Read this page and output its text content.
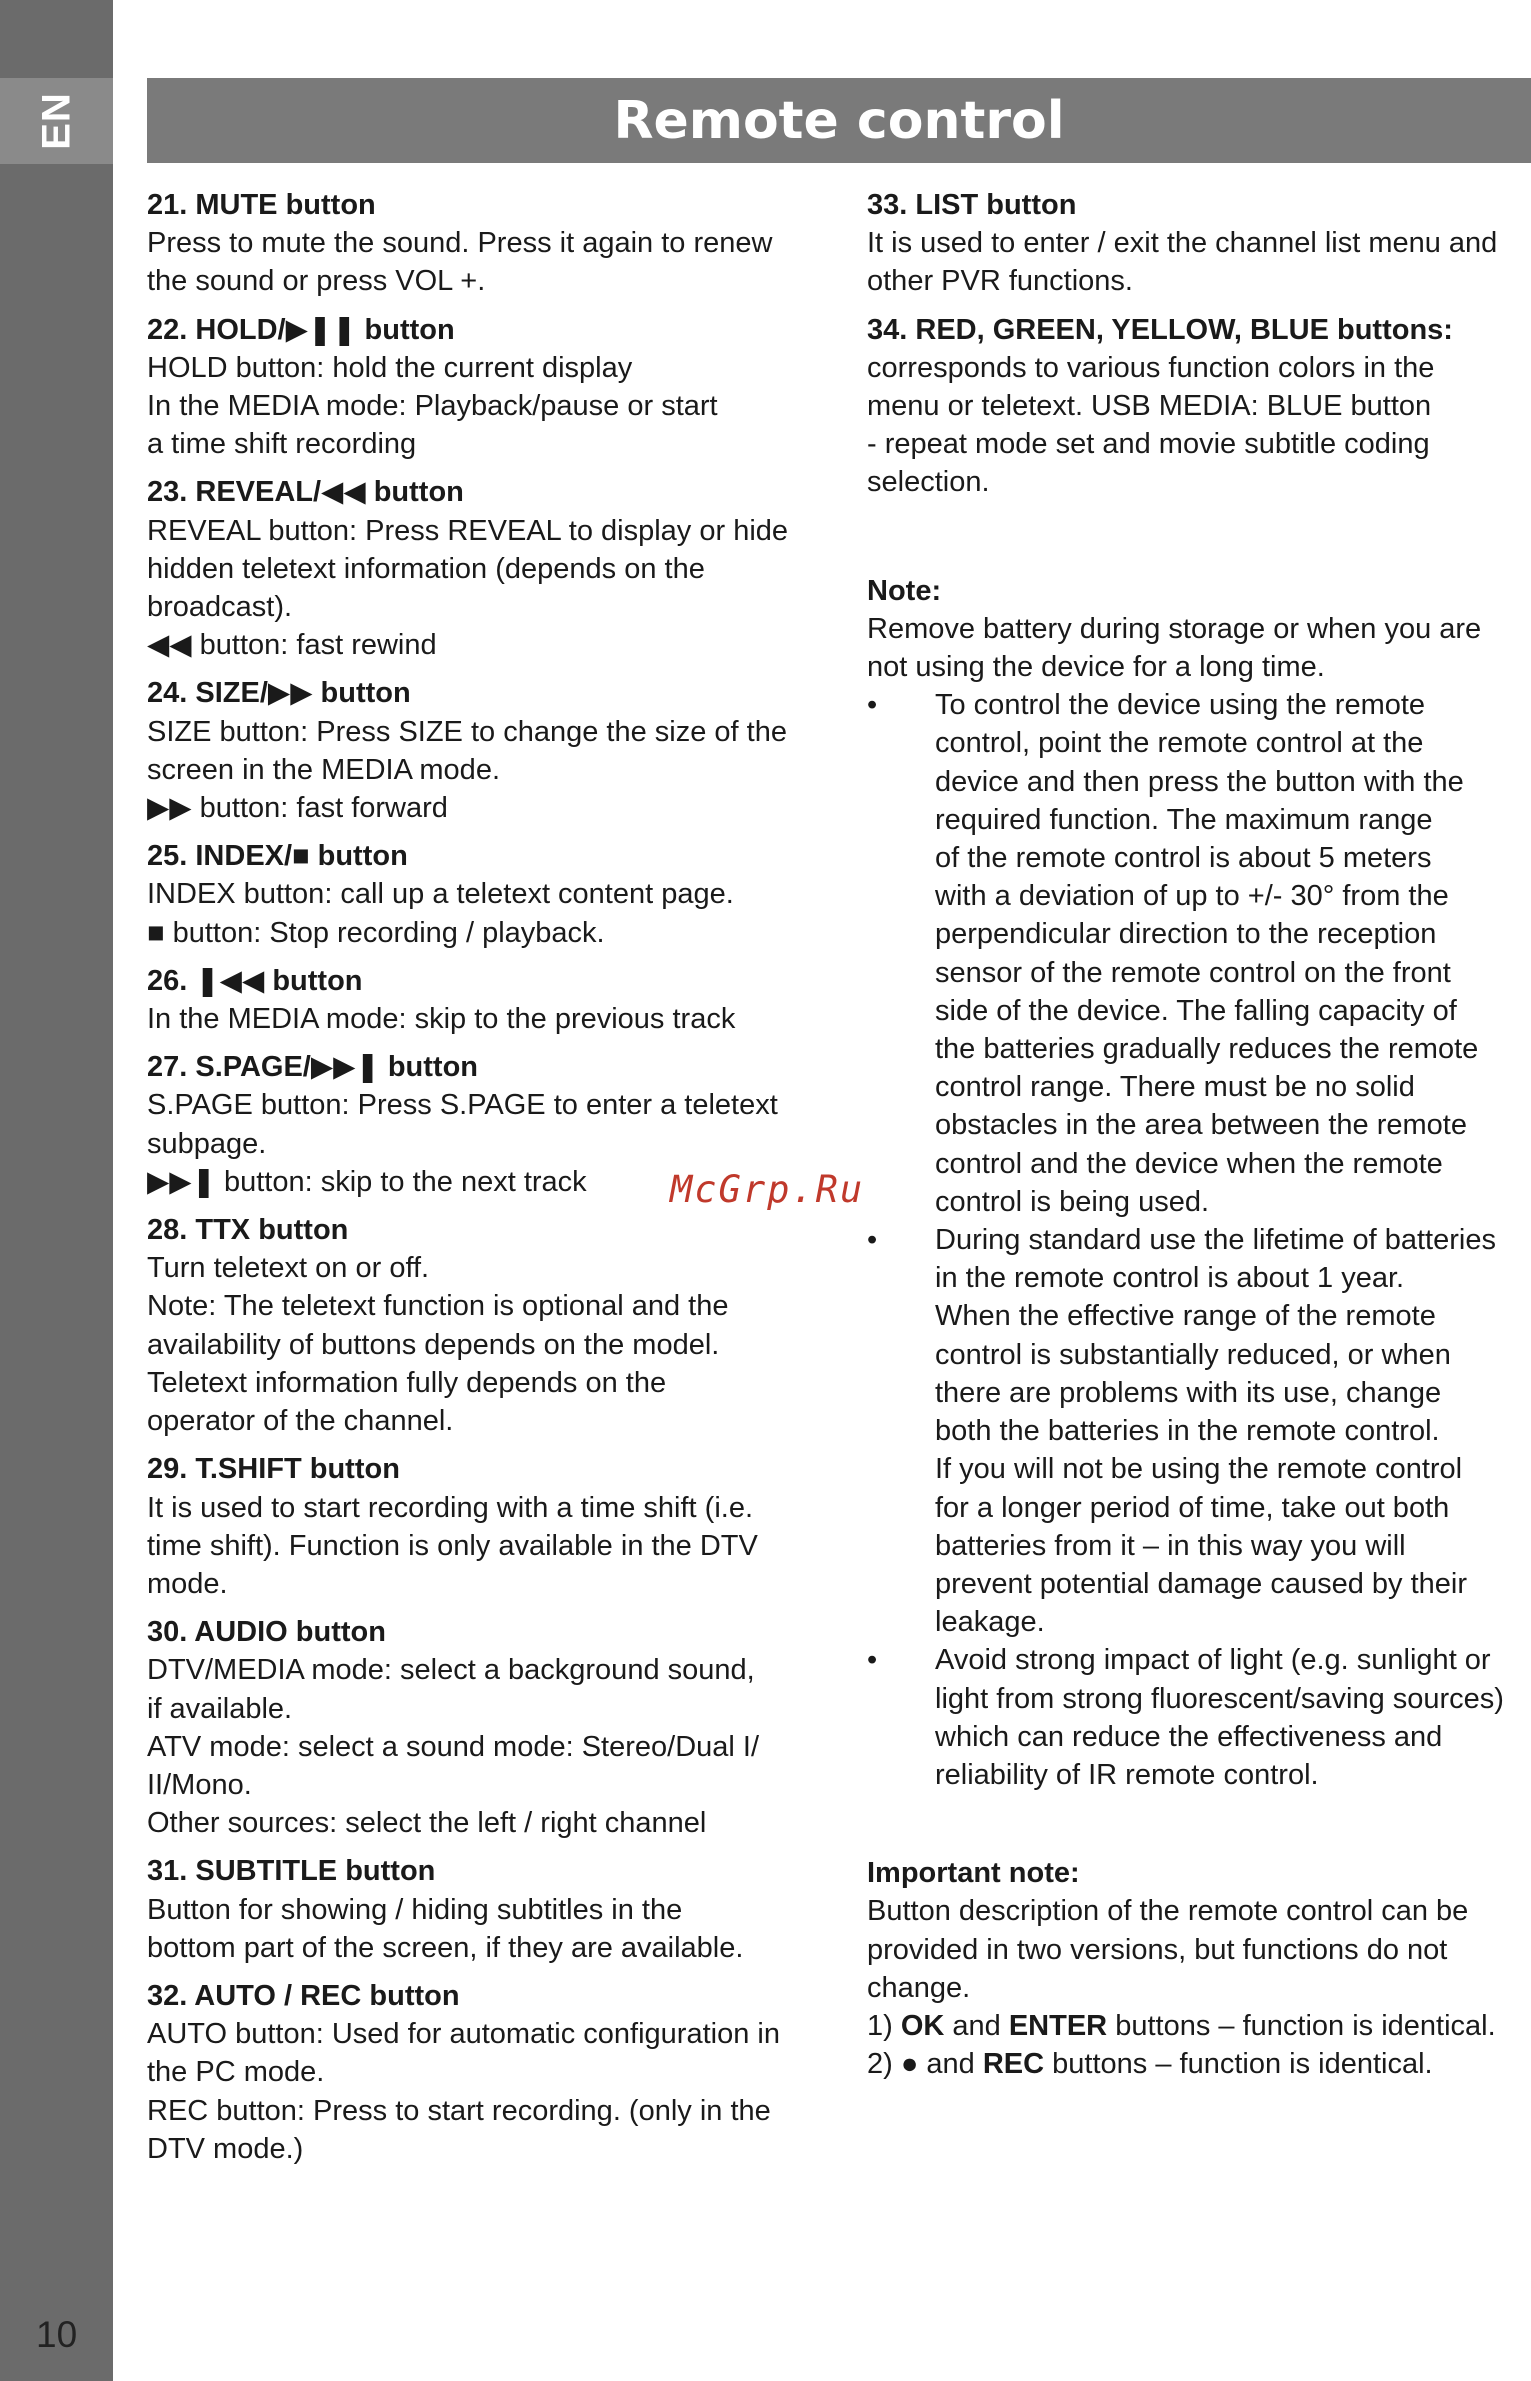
EN
10
Remote control
21. MUTE button
Press to mute the sound. Press it again to renew
the sound or press VOL +.
22. HOLD/▶❚❚ button
HOLD button: hold the current display
In the MEDIA mode: Playback/pause or start
a time shift recording
23. REVEAL/◀◀ button
REVEAL button: Press REVEAL to display or hide
hidden teletext information (depends on the
broadcast).
◀◀ button: fast rewind
24. SIZE/▶▶ button
SIZE button: Press SIZE to change the size of the
screen in the MEDIA mode.
▶▶ button: fast forward
25. INDEX/■ button
INDEX button: call up a teletext content page.
■ button: Stop recording / playback.
26. ❚◀◀ button
In the MEDIA mode: skip to the previous track
27. S.PAGE/▶▶❚ button
S.PAGE button: Press S.PAGE to enter a teletext
subpage.
▶▶❚ button: skip to the next track
28. TTX button
Turn teletext on or off.
Note: The teletext function is optional and the
availability of buttons depends on the model.
Teletext information fully depends on the
operator of the channel.
29. T.SHIFT button
It is used to start recording with a time shift (i.e.
time shift). Function is only available in the DTV
mode.
30. AUDIO button
DTV/MEDIA mode: select a background sound,
if available.
ATV mode: select a sound mode: Stereo/Dual I/
II/Mono.
Other sources: select the left / right channel
31. SUBTITLE button
Button for showing / hiding subtitles in the
bottom part of the screen, if they are available.
32. AUTO / REC button
AUTO button: Used for automatic configuration in
the PC mode.
REC button: Press to start recording. (only in the
DTV mode.)
33. LIST button
It is used to enter / exit the channel list menu and
other PVR functions.
34. RED, GREEN, YELLOW, BLUE buttons:
corresponds to various function colors in the
menu or teletext. USB MEDIA: BLUE button
- repeat mode set and movie subtitle coding
selection.
Note:
Remove battery during storage or when you are
not using the device for a long time.
•	To control the device using the remote
control, point the remote control at the
device and then press the button with the
required function. The maximum range
of the remote control is about 5 meters
with a deviation of up to +/- 30° from the
perpendicular direction to the reception
sensor of the remote control on the front
side of the device. The falling capacity of
the batteries gradually reduces the remote
control range. There must be no solid
obstacles in the area between the remote
control and the device when the remote
control is being used.
•	During standard use the lifetime of batteries
in the remote control is about 1 year.
When the effective range of the remote
control is substantially reduced, or when
there are problems with its use, change
both the batteries in the remote control.
If you will not be using the remote control
for a longer period of time, take out both
batteries from it – in this way you will
prevent potential damage caused by their
leakage.
•	Avoid strong impact of light (e.g. sunlight or
light from strong fluorescent/saving sources)
which can reduce the effectiveness and
reliability of IR remote control.
Important note:
Button description of the remote control can be
provided in two versions, but functions do not
change.
1) OK and ENTER buttons – function is identical.
2) ● and REC buttons – function is identical.
McGrp.Ru
